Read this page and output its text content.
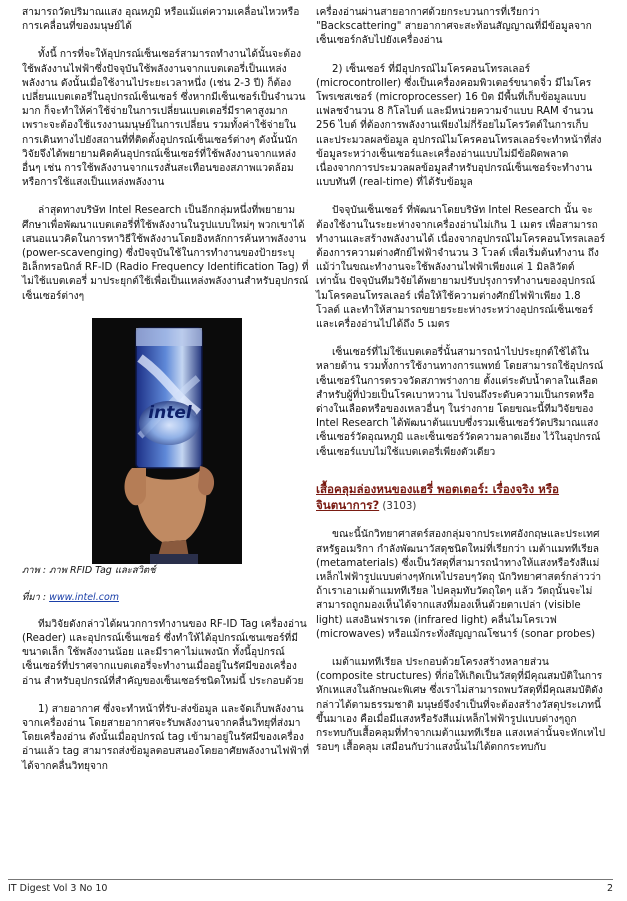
สามารถวัดปริมาณแสง อุณหภูมิ หรือแม้แต่ความเคลื่อนไหวหรือการเคลื่อนที่ของมนุษย์ได้

ทั้งนี้ การที่จะให้อุปกรณ์เซ็นเซอร์สามารถทำงานได้นั้นจะต้องใช้พลังงานไฟฟ้าซึ่งปัจจุบันใช้พลังงานจากแบตเตอรี่เป็นแหล่งพลังงาน ดังนั้นเมื่อใช้งานไประยะเวลาหนึ่ง (เช่น 2-3 ปี) ก็ต้องเปลี่ยนแบตเตอรี่ในอุปกรณ์เซ็นเซอร์ ซึ่งหากมีเซ็นเซอร์เป็นจำนวนมาก ก็จะทำให้ค่าใช้จ่ายในการเปลี่ยนแบตเตอรี่มีราคาสูงมาก เพราะจะต้องใช้แรงงานมนุษย์ในการเปลี่ยน รวมทั้งค่าใช้จ่ายในการเดินทางไปยังสถานที่ที่ติดตั้งอุปกรณ์เซ็นเซอร์ต่างๆ ดังนั้นนักวิจัยจึงได้พยายามคิดค้นอุปกรณ์เซ็นเซอร์ที่ใช้พลังงานจากแหล่งอื่นๆ เช่น การใช้พลังงานจากแรงสั่นสะเทือนของสภาพแวดล้อม หรือการใช้แสงเป็นแหล่งพลังงาน

ล่าสุดทางบริษัท Intel Research เป็นอีกกลุ่มหนึ่งที่พยายามศึกษาเพื่อพัฒนาแบตเตอรี่ที่ใช้พลังงานในรูปแบบใหม่ๆ พวกเขาได้เสนอแนวคิดในการหาวิธีใช้พลังงานโดยอิงหลักการค้นหาพลังงาน (power-scavenging) ซึ่งปัจจุบันใช้ในการทำงานของป้ายระบุอิเล็กทรอนิกส์ RF-ID (Radio Frequency Identification Tag) ที่ไม่ใช้แบตเตอรี่ มาประยุกต์ใช้เพื่อเป็นแหล่งพลังงานสำหรับอุปกรณ์เซ็นเซอร์ต่างๆ

intel

ภาพ : ภาพ RFID Tag และสวิตช์

ที่มา : www.intel.com

ทีมวิจัยดังกล่าวได้ผนวกการทำงานของ RF-ID Tag เครื่องอ่าน (Reader) และอุปกรณ์เซ็นเซอร์ ซึ่งทำให้ได้อุปกรณ์เซนเซอร์ที่มีขนาดเล็ก ใช้พลังงานน้อย และมีราคาไม่แพงนัก ทั้งนี้อุปกรณ์เซ็นเซอร์ที่ปราศจากแบตเตอรี่จะทำงานเมื่ออยู่ในรัศมีของเครื่องอ่าน สำหรับอุปกรณ์ที่สำคัญของเซ็นเซอร์ชนิดใหม่นี้ ประกอบด้วย

1) สายอากาศ ซึ่งจะทำหน้าที่รับ-ส่งข้อมูล และจัดเก็บพลังงานจากเครื่องอ่าน โดยสายอากาศจะรับพลังงานจากคลื่นวิทยุที่ส่งมาโดยเครื่องอ่าน ดังนั้นเมื่ออุปกรณ์ tag เข้ามาอยู่ในรัศมีของเครื่องอ่านแล้ว tag สามารถส่งข้อมูลตอบสนองโดยอาศัยพลังงานไฟฟ้าที่ได้จากคลื่นวิทยุจาก

เครื่องอ่านผ่านสายอากาศด้วยกระบวนการที่เรียกว่า "Backscattering" สายอากาศจะสะท้อนสัญญาณที่มีข้อมูลจากเซ็นเซอร์กลับไปยังเครื่องอ่าน

2) เซ็นเซอร์ ที่มีอุปกรณ์ไมโครคอนโทรลเลอร์ (microcontroller) ซึ่งเป็นเครื่องคอมพิวเตอร์ขนาดจิ๋ว มีไมโครโพรเซสเซอร์ (microprocesser) 16 บิต มีพื้นที่เก็บข้อมูลแบบแฟลชจำนวน 8 กิโลไบต์ และมีหน่วยความจำแบบ RAM จำนวน 256 ไบต์ ที่ต้องการพลังงานเพียงไม่กี่ร้อยไมโครวัตต์ในการเก็บและประมวลผลข้อมูล อุปกรณ์ไมโครคอนโทรลเลอร์จะทำหน้าที่ส่งข้อมูลระหว่างเซ็นเซอร์และเครื่องอ่านแบบไม่มีข้อผิดพลาด เนื่องจากการประมวลผลข้อมูลสำหรับอุปกรณ์เซ็นเซอร์จะทำงานแบบทันที (real-time) ที่ได้รับข้อมูล

ปัจจุบันเซ็นเซอร์ ที่พัฒนาโดยบริษัท Intel Research นั้น จะต้องใช้งานในระยะห่างจากเครื่องอ่านไม่เกิน 1 เมตร เพื่อสามารถทำงานและสร้างพลังงานได้ เนื่องจากอุปกรณ์ไมโครคอนโทรลเลอร์ต้องการความต่างศักย์ไฟฟ้าจำนวน 3 โวลต์ เพื่อเริ่มต้นทำงาน ถึงแม้ว่าในขณะทำงานจะใช้พลังงานไฟฟ้าเพียงแค่ 1 มิลลิวัตต์ เท่านั้น ปัจจุบันทีมวิจัยได้พยายามปรับปรุงการทำงานของอุปกรณ์ไมโครคอนโทรลเลอร์ เพื่อให้ใช้ความต่างศักย์ไฟฟ้าเพียง 1.8 โวลต์ และทำให้สามารถขยายระยะห่างระหว่างอุปกรณ์เซ็นเซอร์และเครื่องอ่านไปได้ถึง 5 เมตร

เซ็นเซอร์ที่ไม่ใช้แบตเตอรี่นั้นสามารถนำไปประยุกต์ใช้ได้ในหลายด้าน รวมทั้งการใช้งานทางการแพทย์ โดยสามารถใช้อุปกรณ์เซ็นเซอร์ในการตรวจวัดสภาพร่างกาย ตั้งแต่ระดับน้ำตาลในเลือดสำหรับผู้ที่ป่วยเป็นโรคเบาหวาน ไปจนถึงระดับความเป็นกรดหรือด่างในเลือดหรือของเหลวอื่นๆ ในร่างกาย โดยขณะนี้ทีมวิจัยของ Intel Research ได้พัฒนาต้นแบบซึ่งรวมเซ็นเซอร์วัดปริมาณแสง เซ็นเซอร์วัดอุณหภูมิ และเซ็นเซอร์วัดความลาดเอียง ไว้ในอุปกรณ์เซ็นเซอร์แบบไม่ใช้แบตเตอรี่เพียงตัวเดียว

เสื้อคลุมล่องหนของแฮรี่ พอตเตอร์: เรื่องจริง หรือจินตนาการ? (3103)

ขณะนี้นักวิทยาศาสตร์สองกลุ่มจากประเทศอังกฤษและประเทศสหรัฐอเมริกา กำลังพัฒนาวัสดุชนิดใหม่ที่เรียกว่า เมต้าแมททีเรียล (metamaterials) ซึ่งเป็นวัสดุที่สามารถนำทางให้แสงหรือรังสีแม่เหล็กไฟฟ้ารูปแบบต่างๆหักเหไปรอบๆวัตถุ นักวิทยาศาสตร์กล่าวว่าถ้าเราเอาเมต้าแมททีเรียล ไปคลุมทับวัตถุใดๆ แล้ว วัตถุนั้นจะไม่สามารถถูกมองเห็นได้จากแสงที่มองเห็นด้วยตาเปล่า (visible light) แสงอินฟราเรด (infrared light) คลื่นไมโครเวฟ (microwaves) หรือแม้กระทั่งสัญญาณโซนาร์ (sonar probes)

เมต้าแมททีเรียล ประกอบด้วยโครงสร้างหลายส่วน (composite structures) ที่ก่อให้เกิดเป็นวัสดุที่มีคุณสมบัติในการหักเหแสงในลักษณะพิเศษ ซึ่งเราไม่สามารถพบวัสดุที่มีคุณสมบัติดังกล่าวได้ตามธรรมชาติ มนุษย์จึงจำเป็นที่จะต้องสร้างวัสดุประเภทนี้ขึ้นมาเอง คือเมื่อมีแสงหรือรังสีแม่เหล็กไฟฟ้ารูปแบบต่างๆถูกกระทบกับเสื้อคลุมที่ทำจากเมต้าแมททีเรียล แสงเหล่านั้นจะหักเหไปรอบๆ เสื้อคลุม เสมือนกับว่าแสงนั้นไม่ได้ตกกระทบกับ

IT Digest Vol 3 No 10	2
